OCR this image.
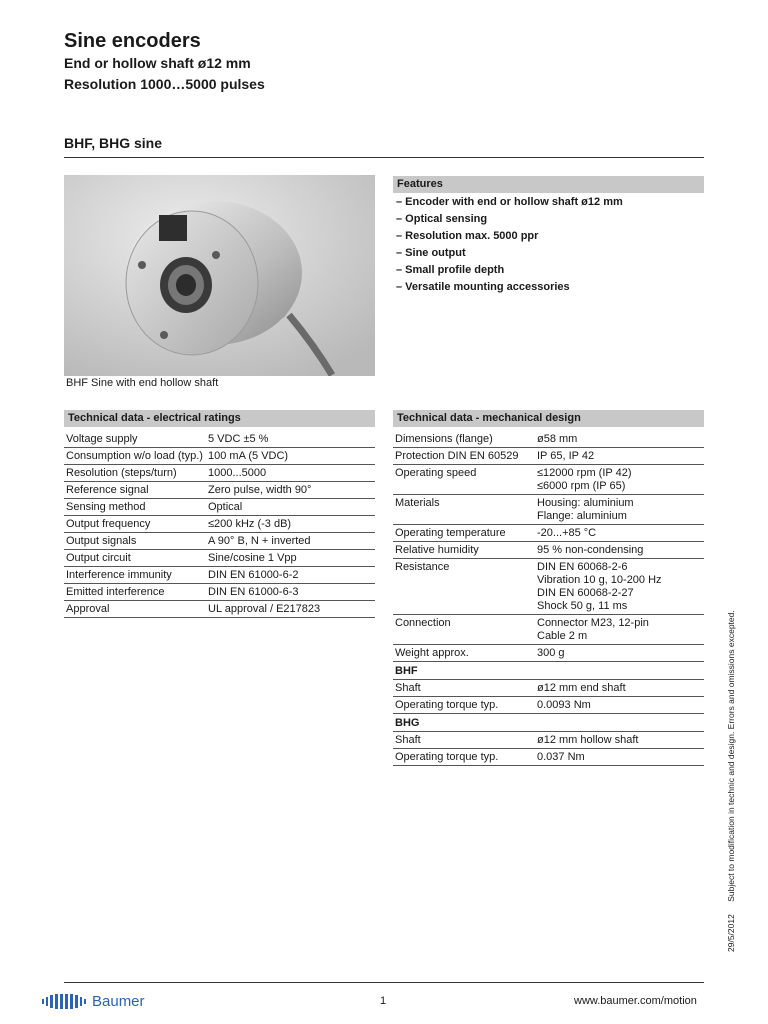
Sine encoders
End or hollow shaft ø12 mm
Resolution 1000…5000 pulses
BHF, BHG sine
BHF Sine with end hollow shaft
Features
– Encoder with end or hollow shaft ø12 mm
– Optical sensing
– Resolution max. 5000 ppr
– Sine output
– Small profile depth
– Versatile mounting accessories
Technical data - electrical ratings
Voltage supply	5 VDC ±5 %
Consumption w/o load (typ.) 100 mA (5 VDC)
Resolution (steps/turn)	1000...5000
Reference signal	Zero pulse, width 90°
Sensing method	Optical
Output frequency	≤200 kHz (-3 dB)
Output signals	A 90° B, N + inverted
Output circuit	Sine/cosine 1 Vpp
Interference immunity	DIN EN 61000-6-2
Emitted interference	DIN EN 61000-6-3
Approval	UL approval / E217823
Technical data - mechanical design
Dimensions (flange)	ø58 mm
Protection DIN EN 60529	IP 65, IP 42
Operating speed	≤12000 rpm (IP 42)
≤6000 rpm (IP 65)
Materials	Housing: aluminium
Flange: aluminium
Operating temperature	-20...+85 °C
Relative humidity	95 % non-condensing
Resistance	DIN EN 60068-2-6
Vibration 10 g, 10-200 Hz
DIN EN 60068-2-27
Shock 50 g, 11 ms
Connection	Connector M23, 12-pin
Cable 2 m
Weight approx.	300 g
BHF
Shaft	ø12 mm end shaft
Operating torque typ.	0.0093 Nm
BHG
Shaft	ø12 mm hollow shaft
Operating torque typ.	0.037 Nm
29/5/2012 Subject to modification in technic and design. Errors and omissions excepted.
Baumer	1	www.baumer.com/motion
